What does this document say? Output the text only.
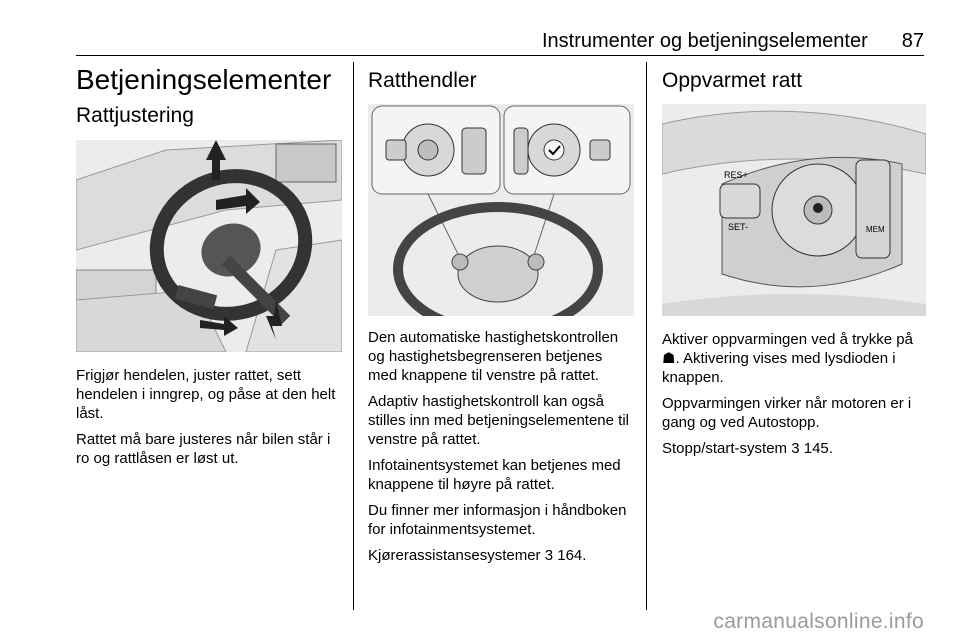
Instrumenter og betjeningselementer 87
Betjeningselementer
Rattjustering

Frigjør hendelen, juster rattet, sett hendelen i inngrep, og påse at den helt låst.

Rattet må bare justeres når bilen står i ro og rattlåsen er løst ut.

Ratthendler

Den automatiske hastighetskontrollen og hastighetsbegrenseren betjenes med knappene til venstre på rattet.

Adaptiv hastighetskontroll kan også stilles inn med betjeningselementene til venstre på rattet.

Infotainentsystemet kan betjenes med knappene til høyre på rattet.

Du finner mer informasjon i håndboken for infotainmentsystemet.

Kjørerassistansesystemer 3 164.

Oppvarmet ratt
RES+
SET-	MEM

Aktiver oppvarmingen ved å trykke på ☗. Aktivering vises med lysdioden i knappen.

Oppvarmingen virker når motoren er i gang og ved Autostopp.

Stopp/start-system 3 145.

carmanualsonline.info
